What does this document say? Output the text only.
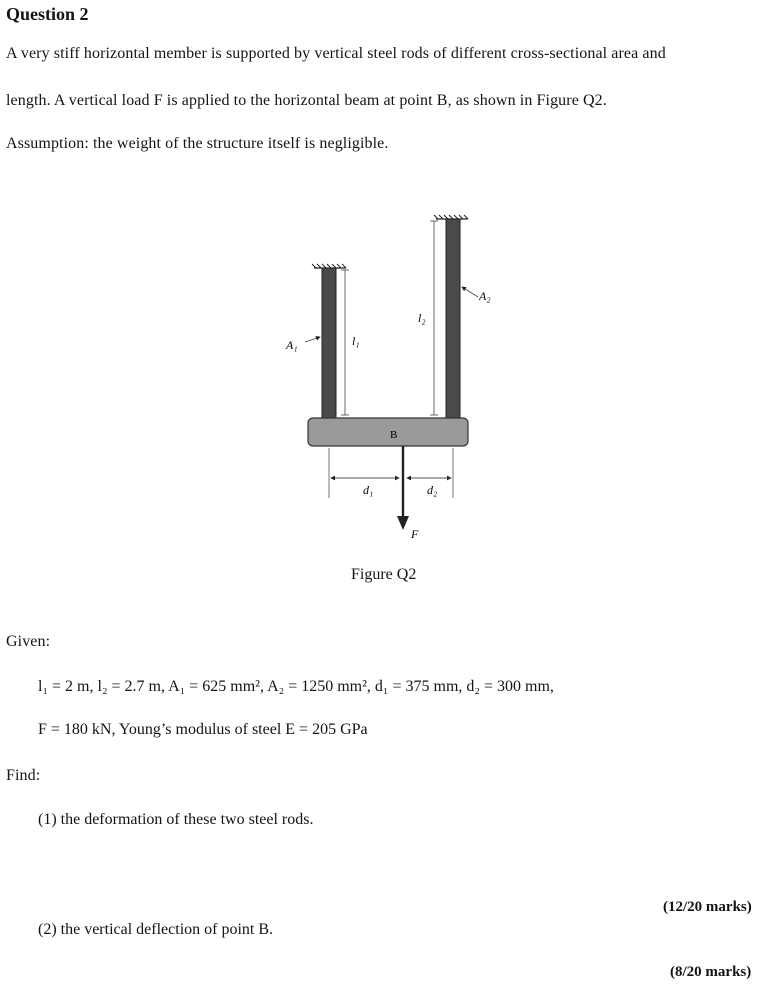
Question 2
A very stiff horizontal member is supported by vertical steel rods of different cross-sectional area and
length. A vertical load F is applied to the horizontal beam at point B, as shown in Figure Q2.
Assumption: the weight of the structure itself is negligible.
A₁
A₂
l₁
l₂
B
d₁	d₂
F
Figure Q2
Given:
l₁ = 2 m, l₂ = 2.7 m, A₁ = 625 mm², A₂ = 1250 mm², d₁ = 375 mm, d₂ = 300 mm,
F = 180 kN, Young’s modulus of steel E = 205 GPa
Find:
(1) the deformation of these two steel rods.
(12/20 marks)
(2) the vertical deflection of point B.
(8/20 marks)
